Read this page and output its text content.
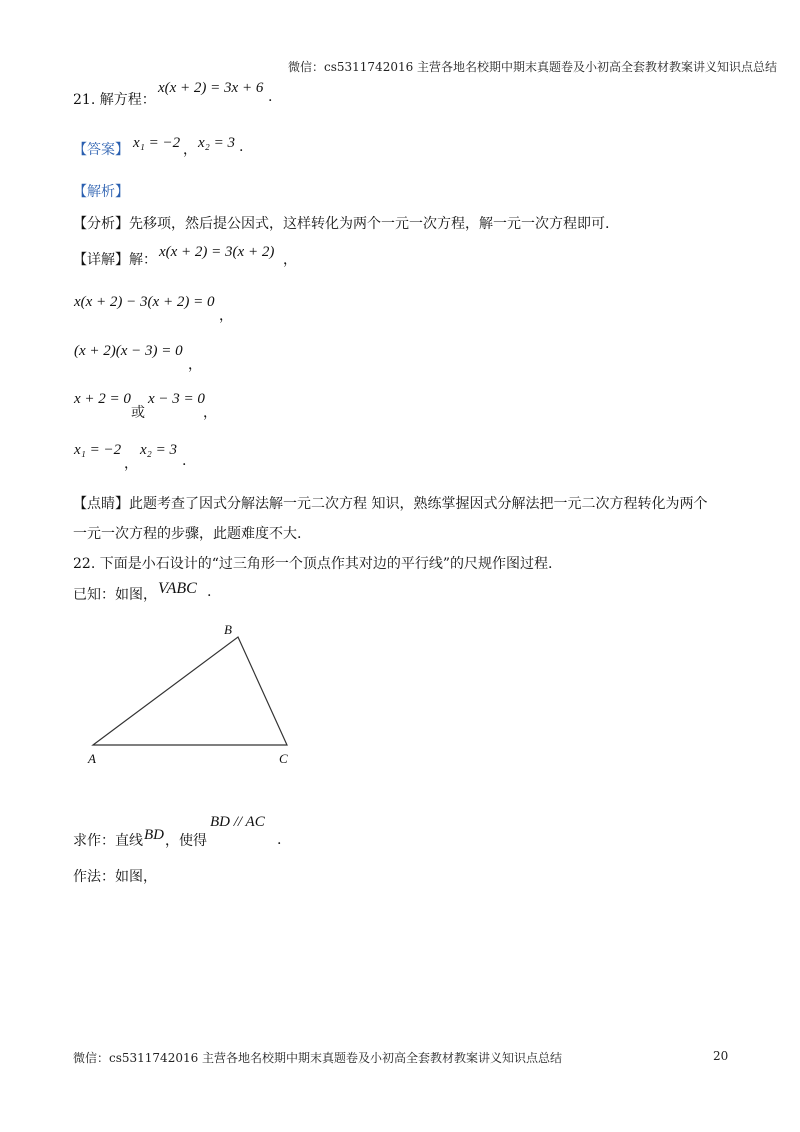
微信：cs5311742016 主营各地名校期中期末真题卷及小初高全套教材教案讲义知识点总结
21. 解方程：
x(x + 2) = 3x + 6
.
【答案】 x₁ = −2 ， x₂ = 3 .
【解析】
【分析】 先移项，然后提公因式，这样转化为两个一元一次方程，解一元一次方程即可.
【详解】解： x(x + 2) = 3(x + 2) ，
x(x + 2) − 3(x + 2) = 0
，
(x + 2)(x − 3) = 0
，
x + 2 = 0
或
x − 3 = 0
，
x₁ = −2
，
x₂ = 3
.
【点睛】 此题考查了因式分解法解一元二次方程 知识，熟练掌握因式分解法把一元二次方程转化为两个
一元一次方程的步骤，此题难度不大.
22. 下面是小石设计的“过三角形一个顶点作其对边的平行线”的尺规作图过程.
已知：如图， VABC .
A
B
C
求作：直线 BD ，使得
BD // AC
.
作法：如图，
微信：cs5311742016 主营各地名校期中期末真题卷及小初高全套教材教案讲义知识点总结	20
